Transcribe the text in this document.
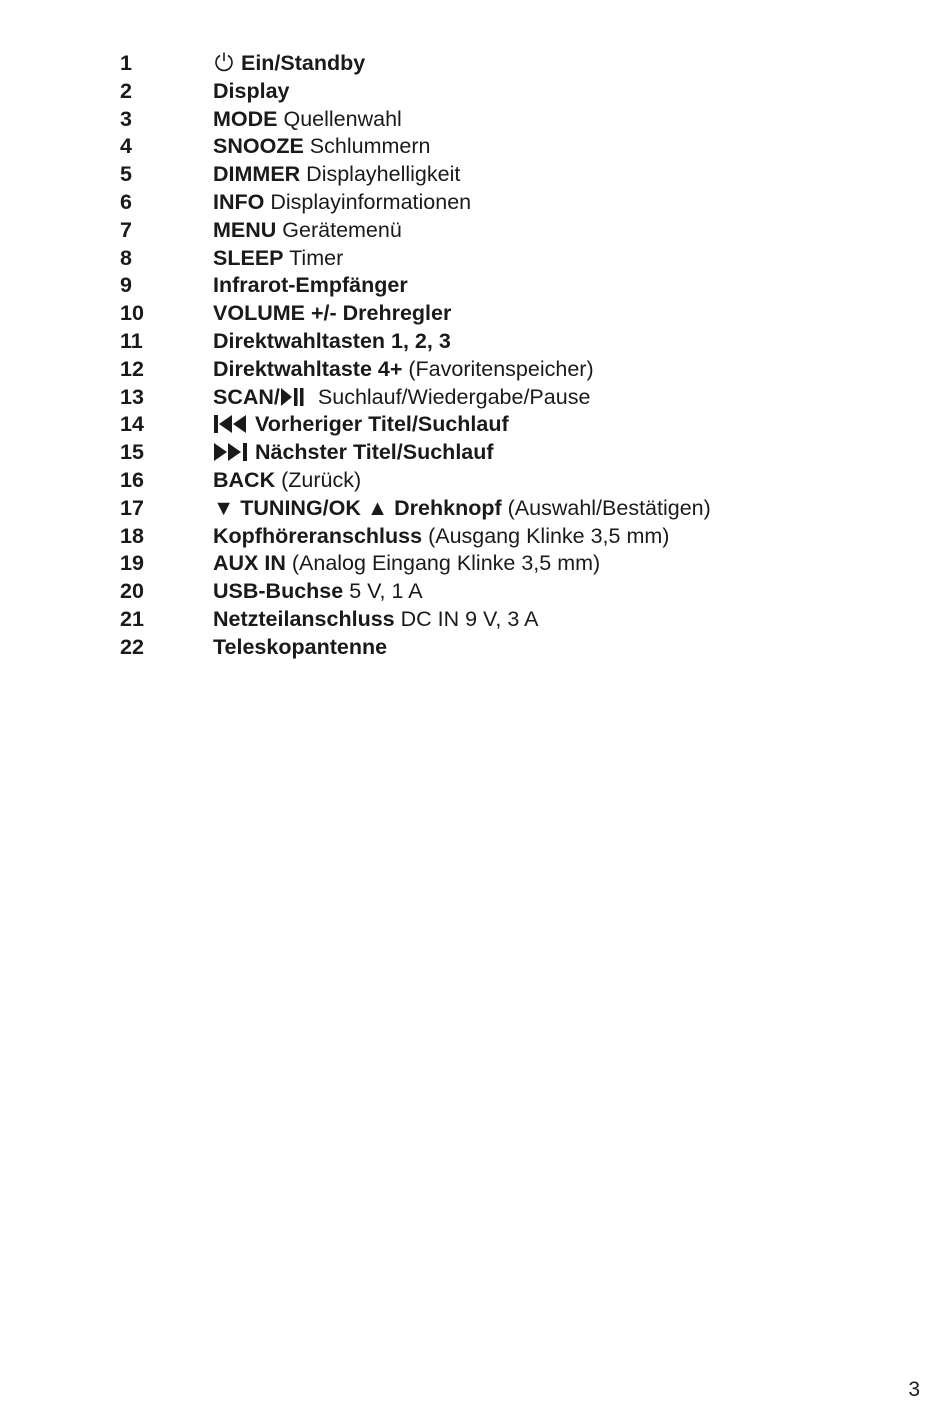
1	Ein/Standby
2	Display
3	MODE Quellenwahl
4	SNOOZE Schlummern
5	DIMMER Displayhelligkeit
6	INFO Displayinformationen
7	MENU Gerätemenü
8	SLEEP Timer
9	Infrarot-Empfänger
10	VOLUME +/- Drehregler
11	Direktwahltasten 1, 2, 3
12	Direktwahltaste 4+ (Favoritenspeicher)
13	SCAN/ Suchlauf/Wiedergabe/Pause
14	Vorheriger Titel/Suchlauf
15	Nächster Titel/Suchlauf
16	BACK (Zurück)
17	▼ TUNING/OK ▲ Drehknopf (Auswahl/Bestätigen)
18	Kopfhöreranschluss (Ausgang Klinke 3,5 mm)
19	AUX IN (Analog Eingang Klinke 3,5 mm)
20	USB-Buchse 5 V, 1 A
21	Netzteilanschluss DC IN 9 V, 3 A
22	Teleskopantenne
3
